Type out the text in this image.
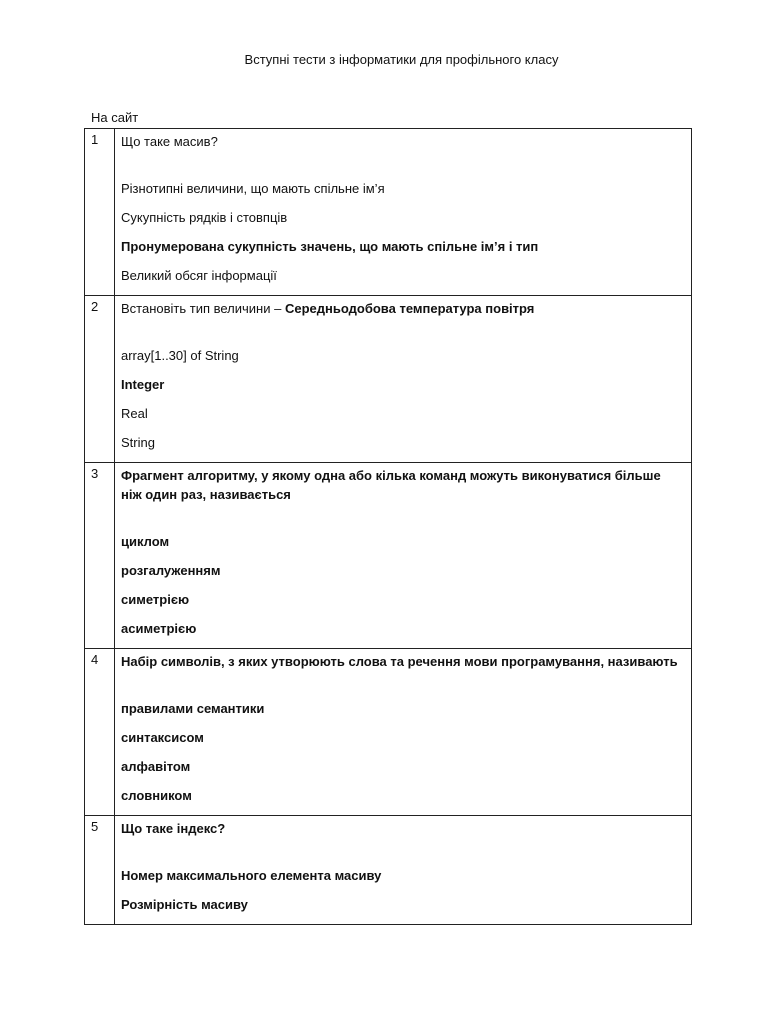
Вступні тести з інформатики для профільного класу
На сайт
1	Що таке масив?
Різнотипні величини, що мають спільне ім’я
Сукупність рядків і стовпців
Пронумерована сукупність значень, що мають спільне ім’я і тип
Великий обсяг інформації

2	Встановіть тип величини – Середньодобова температура повітря
array[1..30] of String
Integer
Real
String

3	Фрагмент алгоритму, у якому одна або кілька команд можуть виконуватися більше ніж один раз, називається
циклом
розгалуженням
симетрією
асиметрією

4	Набір символів, з яких утворюють слова та речення мови програмування, називають
правилами семантики
синтаксисом
алфавітом
словником

5	Що таке індекс?
Номер максимального елемента масиву
Розмірність масиву
